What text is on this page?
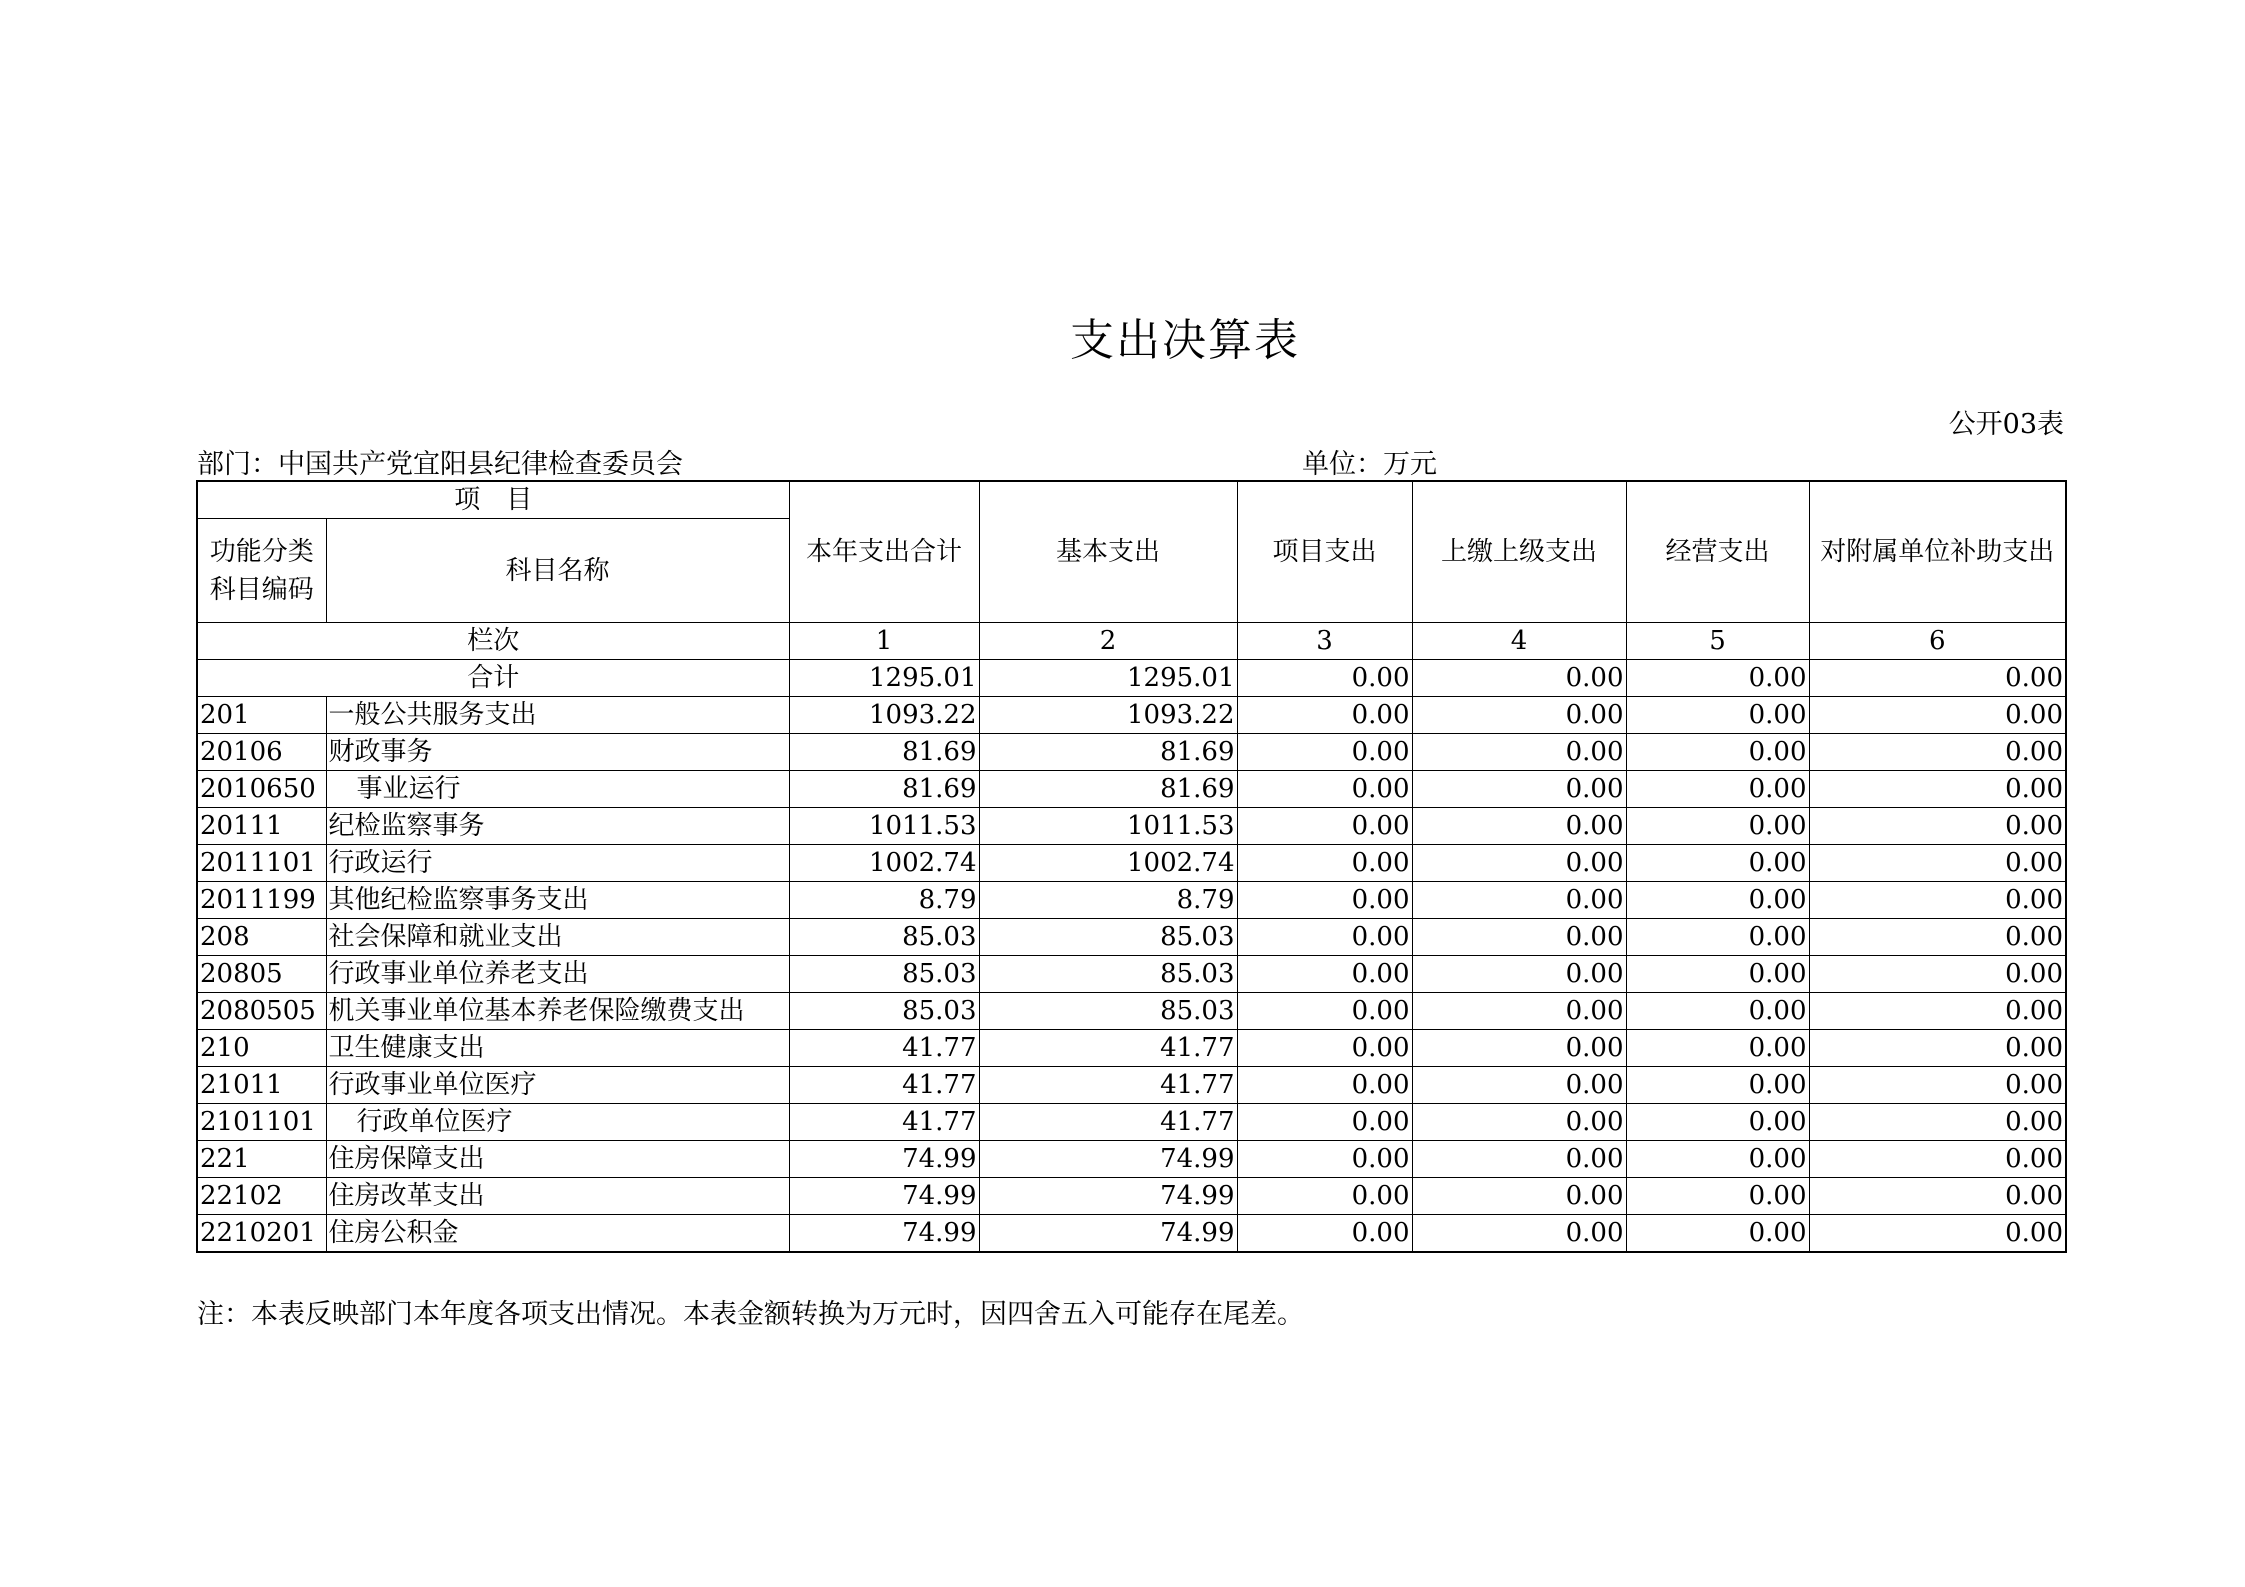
支出决算表
公开03表
部门：中国共产党宜阳县纪律检查委员会	单位：万元
项　目		本年支出合计	基本支出	项目支出	上缴上级支出	经营支出	对附属单位补助支出
功能分类
科目编码	科目名称						
栏次		1	2	3	4	5	6
合计		1295.01	1295.01	0.00	0.00	0.00	0.00
201	一般公共服务支出	1093.22	1093.22	0.00	0.00	0.00	0.00
20106	财政事务	81.69	81.69	0.00	0.00	0.00	0.00
2010650	事业运行	81.69	81.69	0.00	0.00	0.00	0.00
20111	纪检监察事务	1011.53	1011.53	0.00	0.00	0.00	0.00
2011101	行政运行	1002.74	1002.74	0.00	0.00	0.00	0.00
2011199	其他纪检监察事务支出	8.79	8.79	0.00	0.00	0.00	0.00
208	社会保障和就业支出	85.03	85.03	0.00	0.00	0.00	0.00
20805	行政事业单位养老支出	85.03	85.03	0.00	0.00	0.00	0.00
2080505	机关事业单位基本养老保险缴费支出	85.03	85.03	0.00	0.00	0.00	0.00
210	卫生健康支出	41.77	41.77	0.00	0.00	0.00	0.00
21011	行政事业单位医疗	41.77	41.77	0.00	0.00	0.00	0.00
2101101	行政单位医疗	41.77	41.77	0.00	0.00	0.00	0.00
221	住房保障支出	74.99	74.99	0.00	0.00	0.00	0.00
22102	住房改革支出	74.99	74.99	0.00	0.00	0.00	0.00
2210201	住房公积金	74.99	74.99	0.00	0.00	0.00	0.00
注：本表反映部门本年度各项支出情况。本表金额转换为万元时，因四舍五入可能存在尾差。
